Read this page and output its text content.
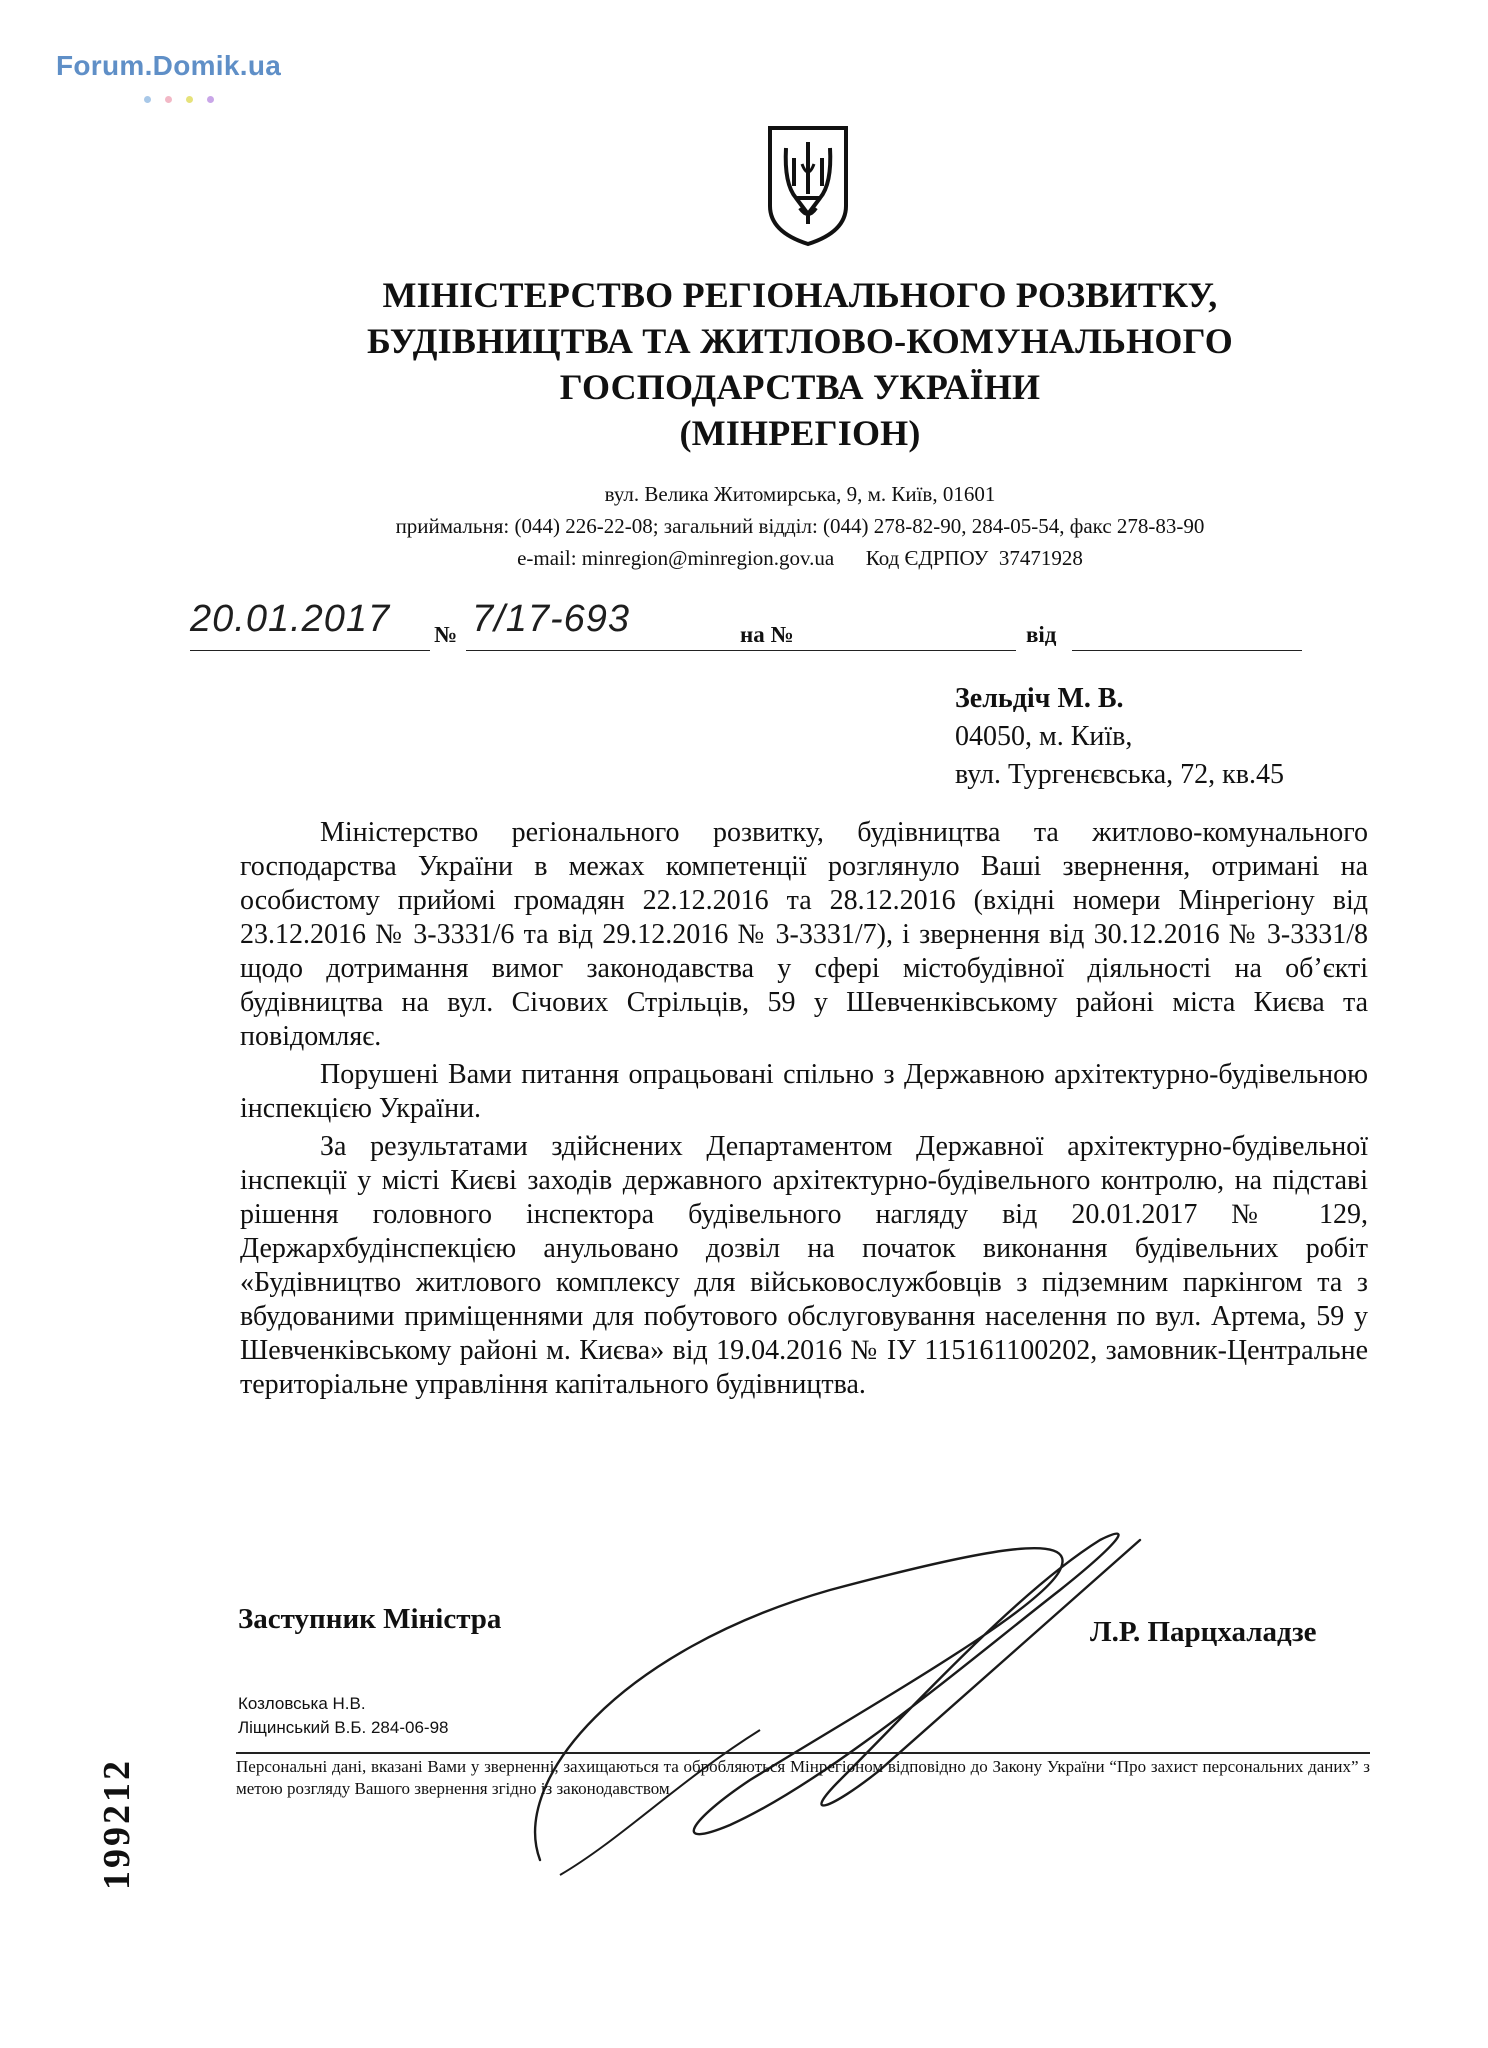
Forum.Domik.ua
МІНІСТЕРСТВО РЕГІОНАЛЬНОГО РОЗВИТКУ,
БУДІВНИЦТВА ТА ЖИТЛОВО-КОМУНАЛЬНОГО
ГОСПОДАРСТВА УКРАЇНИ
(МІНРЕГІОН)
вул. Велика Житомирська, 9, м. Київ, 01601
приймальня: (044) 226-22-08; загальний відділ: (044) 278-82-90, 284-05-54, факс 278-83-90
e-mail: minregion@minregion.gov.ua      Код ЄДРПОУ  37471928
20.01.2017 № 7/17-693	на №	від
Зельдіч М. В.
04050, м. Київ,
вул. Тургенєвська, 72, кв.45

Міністерство регіонального розвитку, будівництва та житлово-комунального господарства України в межах компетенції розглянуло Ваші звернення, отримані на особистому прийомі громадян 22.12.2016 та 28.12.2016 (вхідні номери Мінрегіону від 23.12.2016 № 3-3331/6 та від 29.12.2016 № 3-3331/7), і звернення від 30.12.2016 № 3-3331/8 щодо дотримання вимог законодавства у сфері містобудівної діяльності на об’єкті будівництва на вул. Січових Стрільців, 59 у Шевченківському районі міста Києва та повідомляє.

Порушені Вами питання опрацьовані спільно з Державною архітектурно-будівельною інспекцією України.

За результатами здійснених Департаментом Державної архітектурно-будівельної інспекції у місті Києві заходів державного архітектурно-будівельного контролю, на підставі рішення головного інспектора будівельного нагляду від 20.01.2017 № 129, Держархбудінспекцією анульовано дозвіл на початок виконання будівельних робіт «Будівництво житлового комплексу для військовослужбовців з підземним паркінгом та з вбудованими приміщеннями для побутового обслуговування населення по вул. Артема, 59 у Шевченківському районі м. Києва» від 19.04.2016 № ІУ 115161100202, замовник-Центральне територіальне управління капітального будівництва.

Заступник Міністра	Л.Р. Парцхаладзе
Козловська Н.В.
Ліщинський В.Б. 284-06-98
Персональні дані, вказані Вами у зверненні, захищаються та обробляються Мінрегіоном відповідно до Закону України “Про захист персональних даних” з метою розгляду Вашого звернення згідно із законодавством
199212
